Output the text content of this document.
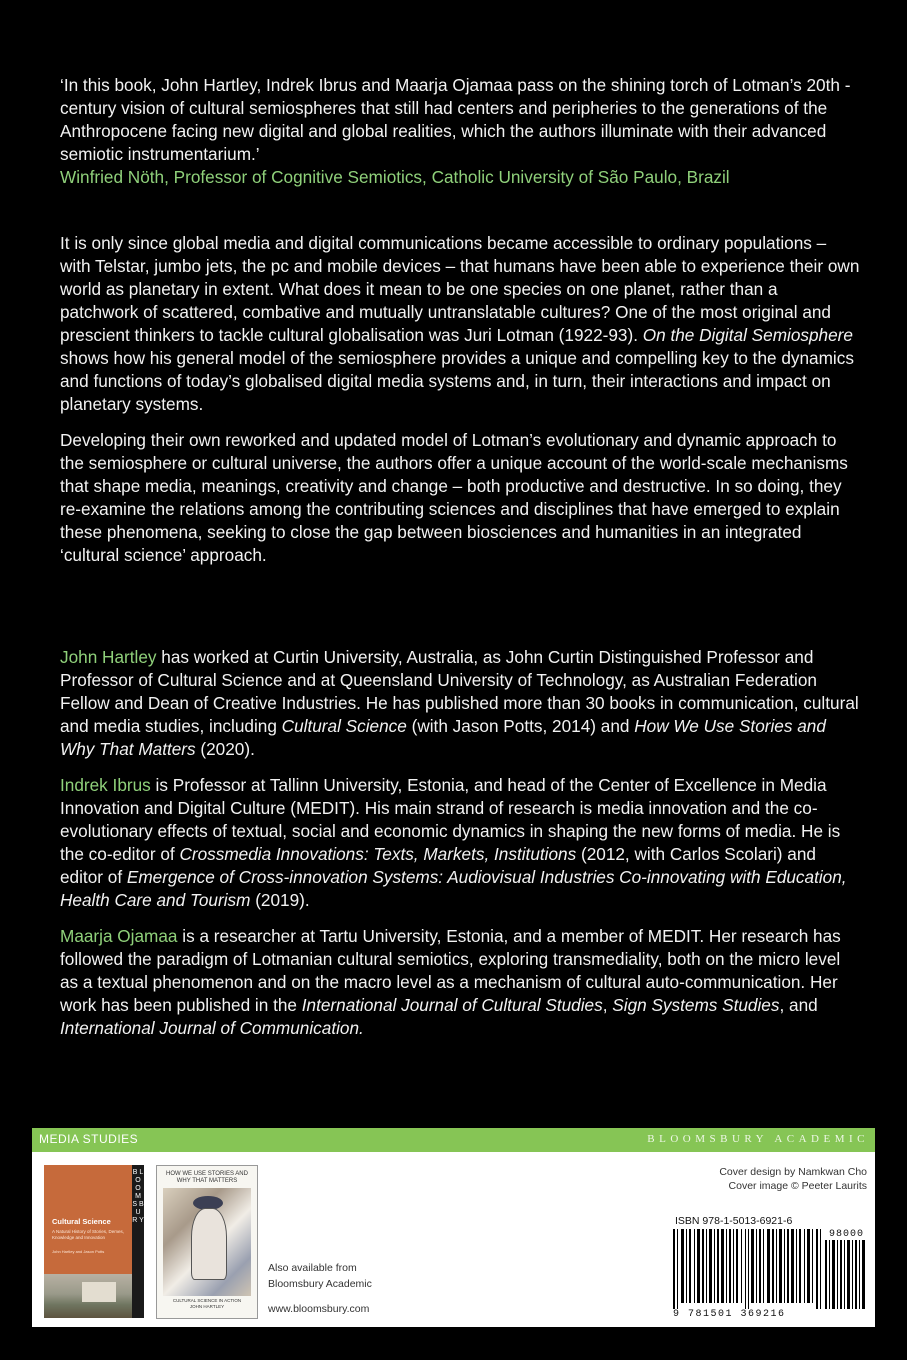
‘In this book, John Hartley, Indrek Ibrus and Maarja Ojamaa pass on the shining torch of Lotman’s 20th - century vision of cultural semiospheres that still had centers and peripheries to the generations of the Anthropocene facing new digital and global realities, which the authors illuminate with their advanced semiotic instrumentarium.’
Winfried Nöth, Professor of Cognitive Semiotics, Catholic University of São Paulo, Brazil

It is only since global media and digital communications became accessible to ordinary populations – with Telstar, jumbo jets, the pc and mobile devices – that humans have been able to experience their own world as planetary in extent. What does it mean to be one species on one planet, rather than a patchwork of scattered, combative and mutually untranslatable cultures? One of the most original and prescient thinkers to tackle cultural globalisation was Juri Lotman (1922-93). On the Digital Semiosphere shows how his general model of the semiosphere provides a unique and compelling key to the dynamics and functions of today’s globalised digital media systems and, in turn, their interactions and impact on planetary systems.

Developing their own reworked and updated model of Lotman’s evolutionary and dynamic approach to the semiosphere or cultural universe, the authors offer a unique account of the world-scale mechanisms that shape media, meanings, creativity and change – both productive and destructive. In so doing, they re-examine the relations among the contributing sciences and disciplines that have emerged to explain these phenomena, seeking to close the gap between biosciences and humanities in an integrated ‘cultural science’ approach.

John Hartley has worked at Curtin University, Australia, as John Curtin Distinguished Professor and Professor of Cultural Science and at Queensland University of Technology, as Australian Federation Fellow and Dean of Creative Industries. He has published more than 30 books in communication, cultural and media studies, including Cultural Science (with Jason Potts, 2014) and How We Use Stories and Why That Matters (2020).

Indrek Ibrus is Professor at Tallinn University, Estonia, and head of the Center of Excellence in Media Innovation and Digital Culture (MEDIT). His main strand of research is media innovation and the co-evolutionary effects of textual, social and economic dynamics in shaping the new forms of media. He is the co-editor of Crossmedia Innovations: Texts, Markets, Institutions (2012, with Carlos Scolari) and editor of Emergence of Cross-innovation Systems: Audiovisual Industries Co-innovating with Education, Health Care and Tourism (2019).

Maarja Ojamaa is a researcher at Tartu University, Estonia, and a member of MEDIT. Her research has followed the paradigm of Lotmanian cultural semiotics, exploring transmediality, both on the micro level as a textual phenomenon and on the macro level as a mechanism of cultural auto-communication. Her work has been published in the International Journal of Cultural Studies, Sign Systems Studies, and International Journal of Communication.

MEDIA STUDIES	BLOOMSBURY ACADEMIC
B L O O M S B U R Y
Cultural Science
A Natural History of Stories, Demes, Knowledge and Innovation
John Hartley and Jason Potts
HOW WE USE STORIES AND WHY THAT MATTERS
CULTURAL SCIENCE IN ACTION
JOHN HARTLEY
Also available from
Bloomsbury Academic
www.bloomsbury.com
Cover design by Namkwan Cho
Cover image © Peeter Laurits
ISBN 978-1-5013-6921-6
98000
9 781501 369216
